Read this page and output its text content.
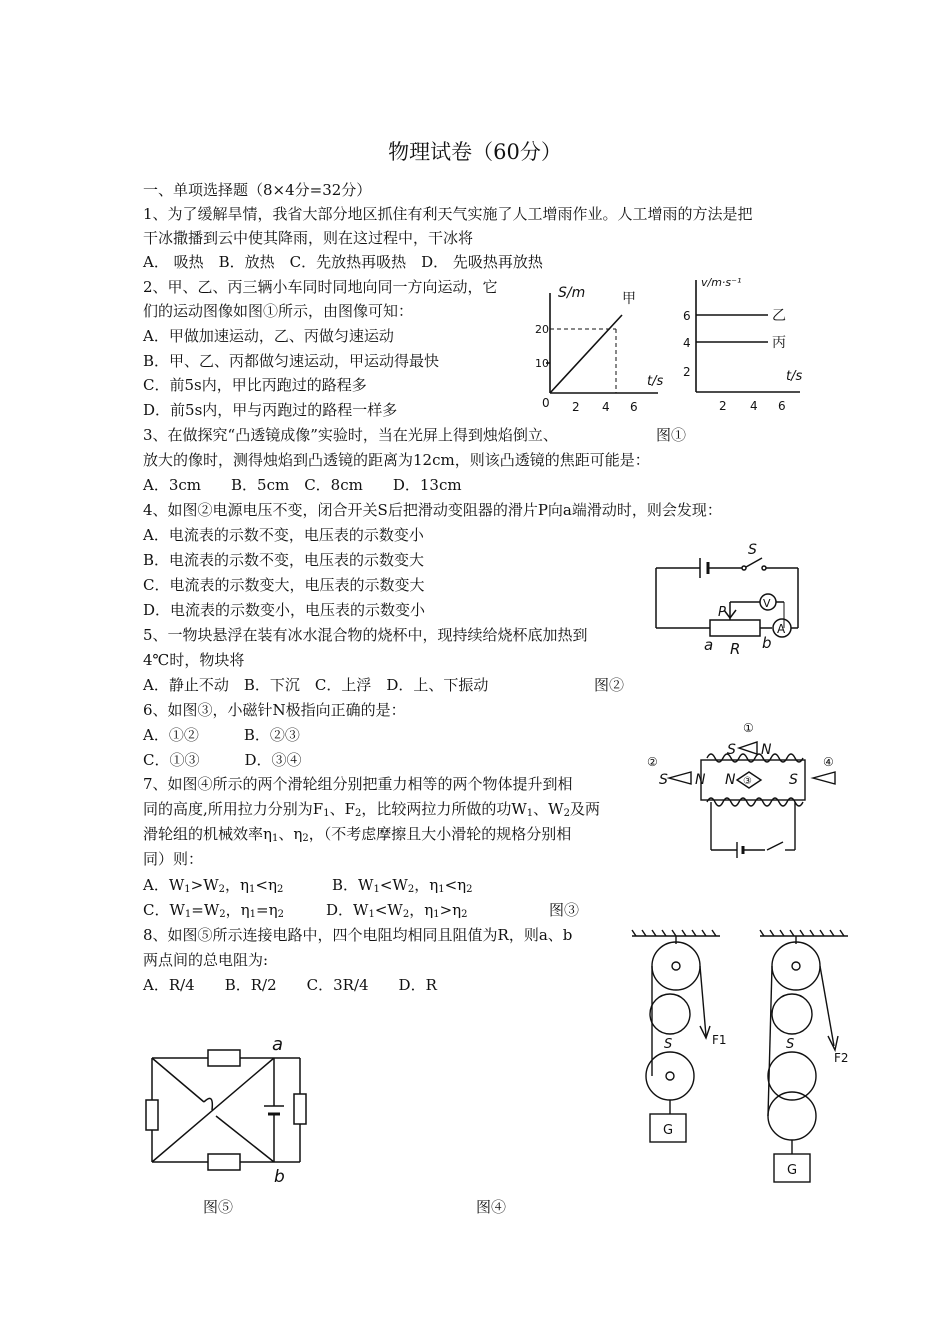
物理试卷（60分）
一、单项选择题（8×4分=32分）
1、为了缓解旱情，我省大部分地区抓住有利天气实施了人工增雨作业。人工增雨的方法是把
干冰撒播到云中使其降雨，则在这过程中，干冰将
A． 吸热　B．放热　C．先放热再吸热　D． 先吸热再放热
2、甲、乙、丙三辆小车同时同地向同一方向运动，它
们的运动图像如图①所示，由图像可知：
A．甲做加速运动，乙、丙做匀速运动
B．甲、乙、丙都做匀速运动，甲运动得最快
C．前5s内，甲比丙跑过的路程多
D．前5s内，甲与丙跑过的路程一样多
3、在做探究“凸透镜成像”实验时，当在光屏上得到烛焰倒立、	图①
放大的像时，测得烛焰到凸透镜的距离为12cm，则该凸透镜的焦距可能是：
A．3cm　　B．5cm　C．8cm　　D．13cm
4、如图②电源电压不变，闭合开关S后把滑动变阻器的滑片P向a端滑动时，则会发现：
A．电流表的示数不变，电压表的示数变小
B．电流表的示数不变，电压表的示数变大
C．电流表的示数变大，电压表的示数变大
D．电流表的示数变小，电压表的示数变小
5、一物块悬浮在装有冰水混合物的烧杯中，现持续给烧杯底加热到
4℃时，物块将
A．静止不动　B．下沉　C．上浮　D．上、下振动	图②
6、如图③，小磁针N极指向正确的是：
A．①②　　　B．②③
C．①③　　　D．③④
7、如图④所示的两个滑轮组分别把重力相等的两个物体提升到相
同的高度,所用拉力分别为$F_1$、$F_2$，比较两拉力所做的功$W_1$、$W_2$及两
滑轮组的机械效率$\eta_1$、$\eta_2$，（不考虑摩擦且大小滑轮的规格分别相
同）则：
A．$W_1>W_2$，$\eta_1<\eta_2$	B．$W_1<W_2$，$\eta_1<\eta_2$
C．$W_1=W_2$，$\eta_1=\eta_2$	D．$W_1<W_2$，$\eta_1>\eta_2$	图③
8、如图⑤所示连接电路中，四个电阻均相同且阻值为R，则a、b
两点间的总电阻为:
A．R/4　　B．R/2　　C．3R/4　　D．R
图⑤	图④
S/m	甲
20
10
0
t/s
2 4 6
v/m·s⁻¹
乙
丙
6
4
2	t/s
2 4 6
S
P
V
A
a R b
①
S N
②
S N N	S
③
④
F1
F2
G
G
S	S
a
b
